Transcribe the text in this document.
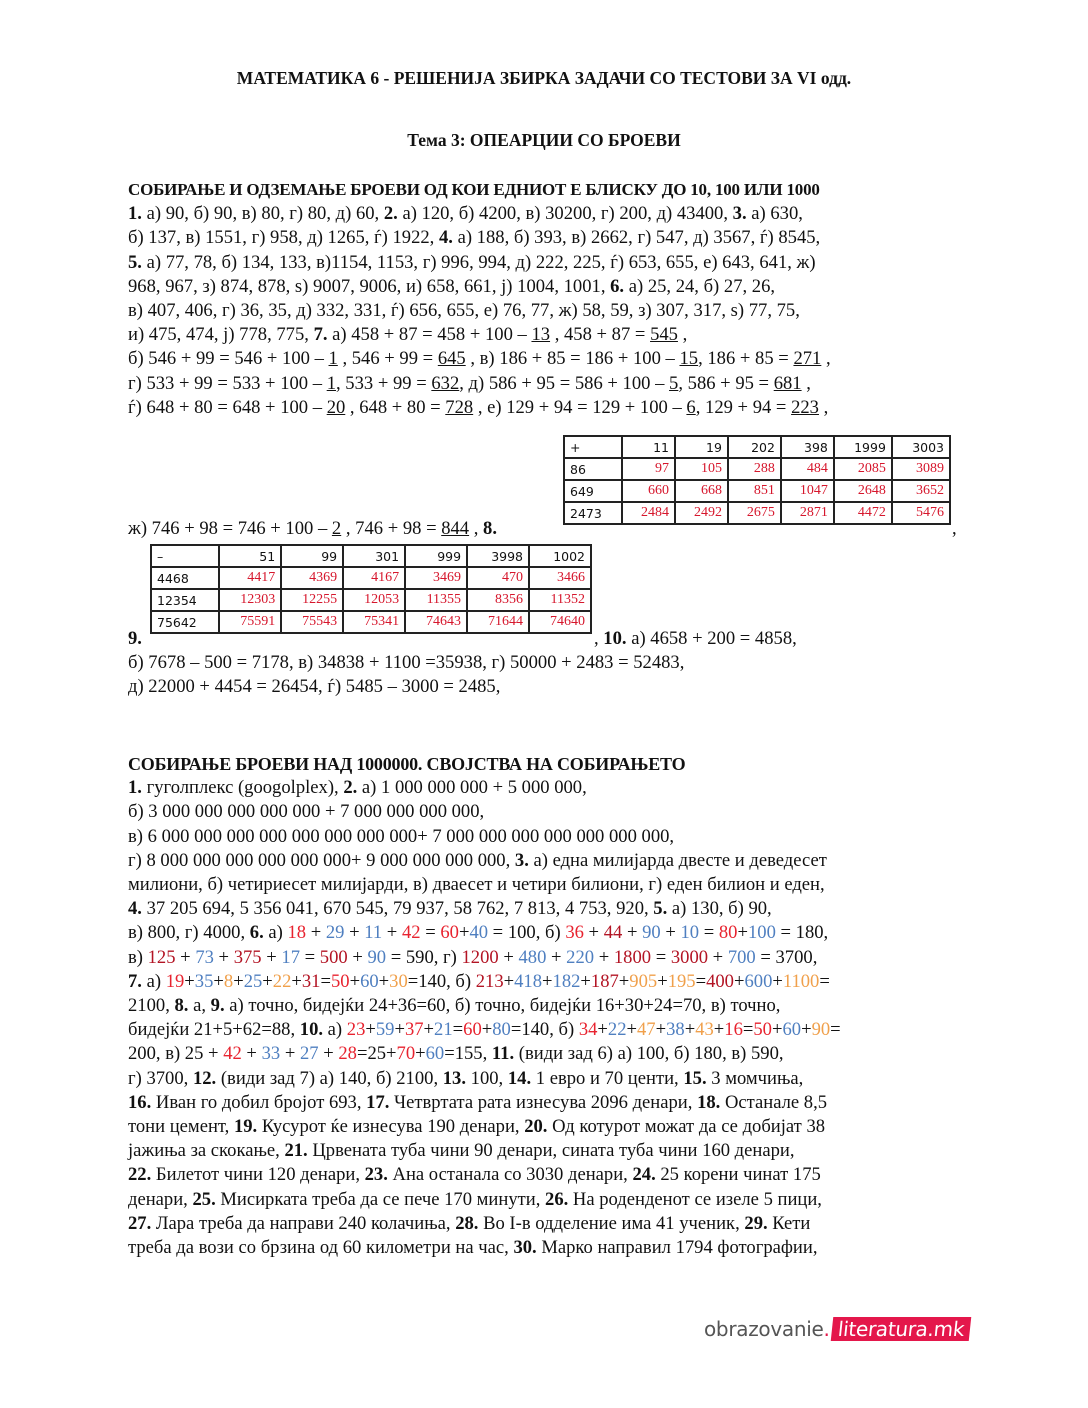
МАТЕМАТИКА 6 - РЕШЕНИЈА ЗБИРКА ЗАДАЧИ СО ТЕСТОВИ ЗА VI одд.
Тема 3: ОПЕАРЦИИ СО БРОЕВИ
СОБИРАЊЕ И ОДЗЕМАЊЕ БРОЕВИ ОД КОИ ЕДНИОТ Е БЛИСКУ ДО 10, 100 ИЛИ 1000
1. а) 90, б) 90, в) 80, г) 80, д) 60, 2. а) 120, б) 4200, в) 30200, г) 200, д) 43400, 3. а) 630,
б) 137, в) 1551, г) 958, д) 1265, ѓ) 1922, 4. а) 188, б) 393, в) 2662, г) 547, д) 3567, ѓ) 8545,
5. а) 77, 78, б) 134, 133, в)1154, 1153, г) 996, 994, д) 222, 225, ѓ) 653, 655, е) 643, 641, ж)
968, 967, з) 874, 878, ѕ) 9007, 9006, и) 658, 661, ј) 1004, 1001, 6. а) 25, 24, б) 27, 26,
в) 407, 406, г) 36, 35, д) 332, 331, ѓ) 656, 655, е) 76, 77, ж) 58, 59, з) 307, 317, ѕ) 77, 75,
и) 475, 474, ј) 778, 775, 7. а) 458 + 87 = 458 + 100 – 13 , 458 + 87 = 545 ,
б) 546 + 99 = 546 + 100 – 1 , 546 + 99 = 645 , в) 186 + 85 = 186 + 100 – 15, 186 + 85 = 271 ,
г) 533 + 99 = 533 + 100 – 1, 533 + 99 = 632, д) 586 + 95 = 586 + 100 – 5, 586 + 95 = 681 ,
ѓ) 648 + 80 = 648 + 100 – 20 , 648 + 80 = 728 , е) 129 + 94 = 129 + 100 – 6, 129 + 94 = 223 ,
+	11	19	202	398	1999	3003
86	97	105	288	484	2085	3089
649	660	668	851	1047	2648	3652
2473	2484	2492	2675	2871	4472	5476
ж) 746 + 98 = 746 + 100 – 2 , 746 + 98 = 844 , 8.	,
–	51	99	301	999	3998	1002
4468	4417	4369	4167	3469	470	3466
12354	12303	12255	12053	11355	8356	11352
75642	75591	75543	75341	74643	71644	74640
9.	, 10. а) 4658 + 200 = 4858,
б) 7678 – 500 = 7178, в) 34838 + 1100 =35938, г) 50000 + 2483 = 52483,
д) 22000 + 4454 = 26454, ѓ) 5485 – 3000 = 2485,
СОБИРАЊЕ БРОЕВИ НАД 1000000. СВОЈСТВА НА СОБИРАЊЕТО
1. гуголплекс (googolplex), 2. а) 1 000 000 000 + 5 000 000,
б) 3 000 000 000 000 000 + 7 000 000 000 000,
в) 6 000 000 000 000 000 000 000 000+ 7 000 000 000 000 000 000 000,
г) 8 000 000 000 000 000 000+ 9 000 000 000 000, 3. а) една милијарда двесте и деведесет
милиони, б) четириесет милијарди, в) дваесет и четири билиони, г) еден билион и еден,
4. 37 205 694, 5 356 041, 670 545, 79 937, 58 762, 7 813, 4 753, 920, 5. а) 130, б) 90,
в) 800, г) 4000, 6. а) 18 + 29 + 11 + 42 = 60+40 = 100, б) 36 + 44 + 90 + 10 = 80+100 = 180,
в) 125 + 73 + 375 + 17 = 500 + 90 = 590, г) 1200 + 480 + 220 + 1800 = 3000 + 700 = 3700,
7. а) 19+35+8+25+22+31=50+60+30=140, б) 213+418+182+187+905+195=400+600+1100=
2100, 8. а, 9. а) точно, бидејќи 24+36=60, б) точно, бидејќи 16+30+24=70, в) точно,
бидејќи 21+5+62=88, 10. а) 23+59+37+21=60+80=140, б) 34+22+47+38+43+16=50+60+90=
200, в) 25 + 42 + 33 + 27 + 28=25+70+60=155, 11. (види зад 6) а) 100, б) 180, в) 590,
г) 3700, 12. (види зад 7) а) 140, б) 2100, 13. 100, 14. 1 евро и 70 центи, 15. 3 момчиња,
16. Иван го добил бројот 693, 17. Четвртата рата изнесува 2096 денари, 18. Останале 8,5
тони цемент, 19. Кусурот ќе изнесува 190 денари, 20. Од котурот можат да се добијат 38
јажиња за скокање, 21. Црвената туба чини 90 денари, сината туба чини 160 денари,
22. Билетот чини 120 денари, 23. Ана останала со 3030 денари, 24. 25 корени чинат 175
денари, 25. Мисирката треба да се пече 170 минути, 26. На роденденот се изеле 5 пици,
27. Лара треба да направи 240 колачиња, 28. Во I-в одделение има 41 ученик, 29. Кети
треба да вози со брзина од 60 километри на час, 30. Марко направил 1794 фотографии,
obrazovanie . literatura.mk
